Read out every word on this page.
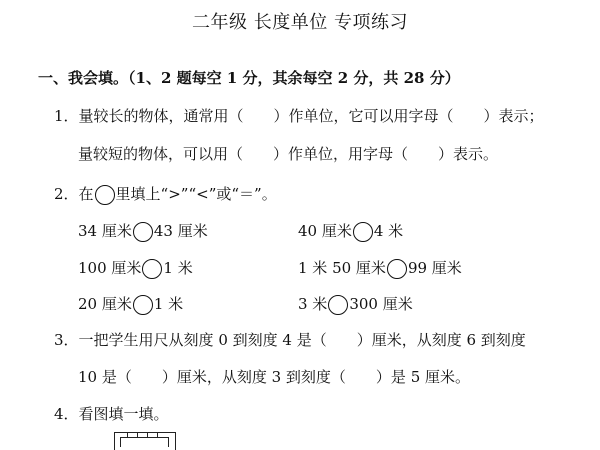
二年级 长度单位 专项练习
一、我会填。（1、2 题每空 1 分，其余每空 2 分，共 28 分）
1．量较长的物体，通常用（　　）作单位，它可以用字母（　　）表示；
量较短的物体，可以用（　　）作单位，用字母（　　）表示。
2．在 里填上“>”“<”或“＝”。
34 厘米 43 厘米	40 厘米 4 米
100 厘米 1 米	1 米 50 厘米 99 厘米
20 厘米 1 米	3 米 300 厘米
3．一把学生用尺从刻度 0 到刻度 4 是（　　）厘米，从刻度 6 到刻度
10 是（　　）厘米，从刻度 3 到刻度（　　）是 5 厘米。
4．看图填一填。
